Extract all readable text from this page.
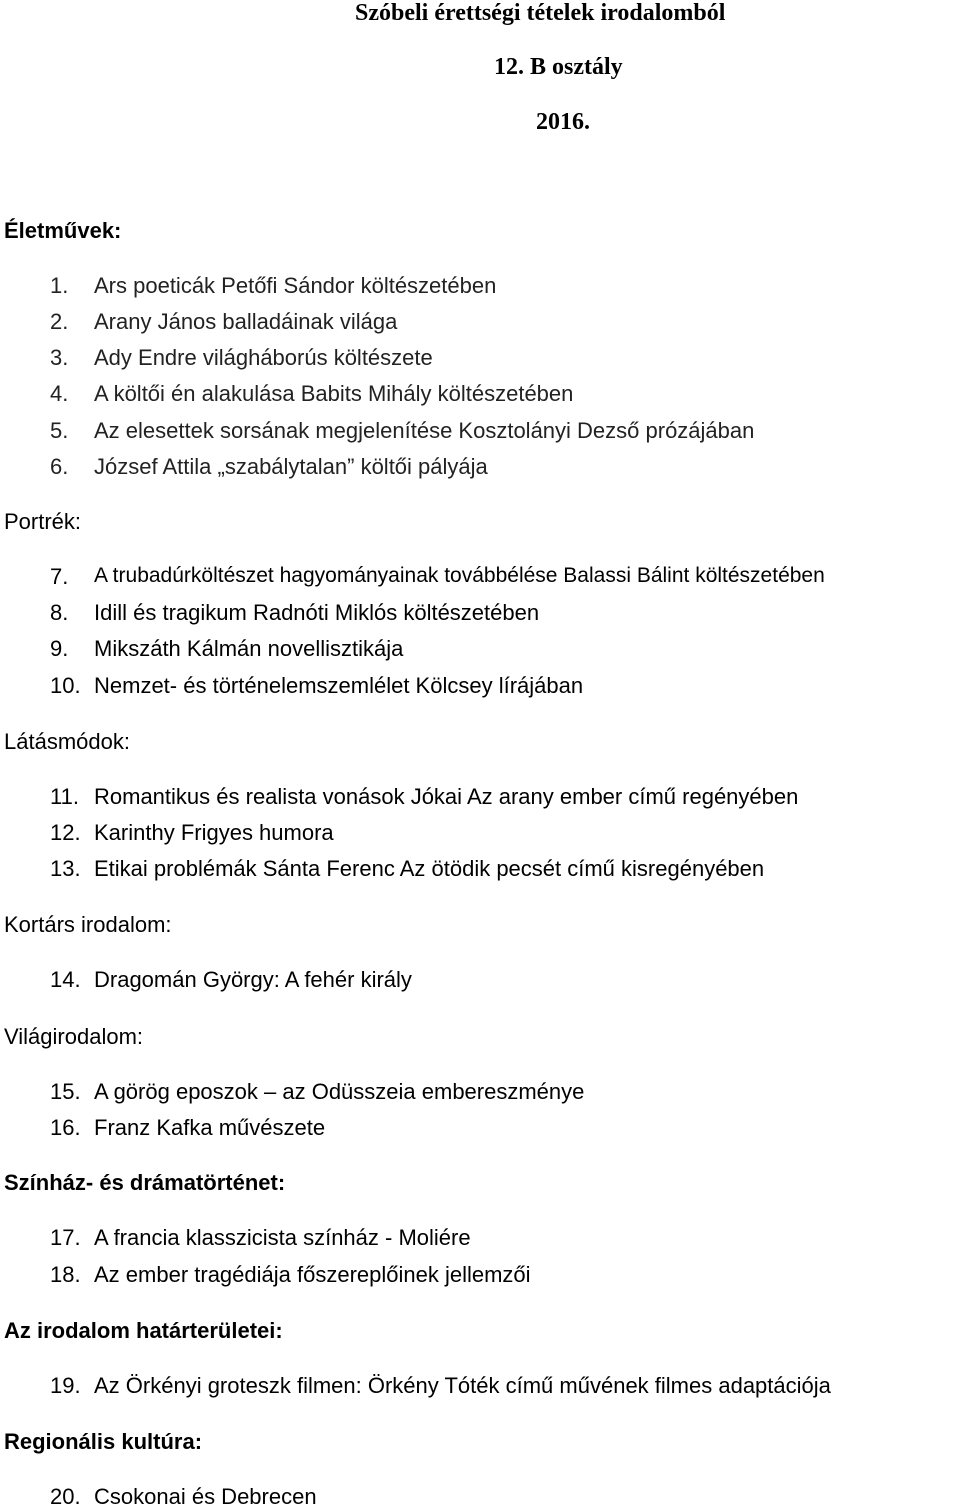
Szóbeli érettségi tételek irodalomból
12. B osztály
2016.
Életművek:
1. Ars poeticák Petőfi Sándor költészetében
2. Arany János balladáinak világa
3. Ady Endre világháborús költészete
4. A költői én alakulása Babits Mihály költészetében
5. Az elesettek sorsának megjelenítése Kosztolányi Dezső prózájában
6. József Attila „szabálytalan” költői pályája
Portrék:
7. A trubadúrköltészet hagyományainak továbbélése Balassi Bálint költészetében
8. Idill és tragikum Radnóti Miklós költészetében
9. Mikszáth Kálmán novellisztikája
10. Nemzet- és történelemszemlélet Kölcsey lírájában
Látásmódok:
11. Romantikus és realista vonások Jókai Az arany ember című regényében
12. Karinthy Frigyes humora
13. Etikai problémák Sánta Ferenc Az ötödik pecsét című kisregényében
Kortárs irodalom:
14. Dragomán György: A fehér király
Világirodalom:
15. A görög eposzok – az Odüsszeia embereszménye
16. Franz Kafka művészete
Színház- és drámatörténet:
17. A francia klasszicista színház - Moliére
18. Az ember tragédiája főszereplőinek jellemzői
Az irodalom határterületei:
19. Az Örkényi groteszk filmen: Örkény Tóték című művének filmes adaptációja
Regionális kultúra:
20. Csokonai és Debrecen
